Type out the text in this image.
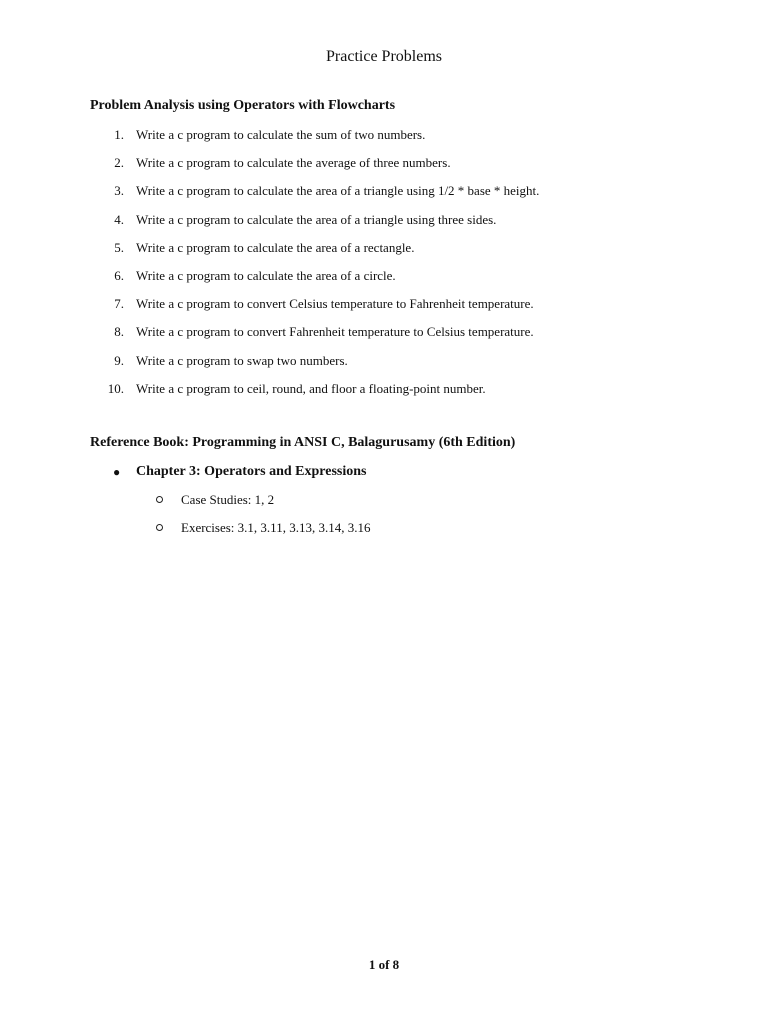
Practice Problems
Problem Analysis using Operators with Flowcharts
1. Write a c program to calculate the sum of two numbers.
2. Write a c program to calculate the average of three numbers.
3. Write a c program to calculate the area of a triangle using 1/2 * base * height.
4. Write a c program to calculate the area of a triangle using three sides.
5. Write a c program to calculate the area of a rectangle.
6. Write a c program to calculate the area of a circle.
7. Write a c program to convert Celsius temperature to Fahrenheit temperature.
8. Write a c program to convert Fahrenheit temperature to Celsius temperature.
9. Write a c program to swap two numbers.
10. Write a c program to ceil, round, and floor a floating-point number.
Reference Book: Programming in ANSI C, Balagurusamy (6th Edition)
● Chapter 3: Operators and Expressions
Case Studies: 1, 2
Exercises: 3.1, 3.11, 3.13, 3.14, 3.16
1 of 8
